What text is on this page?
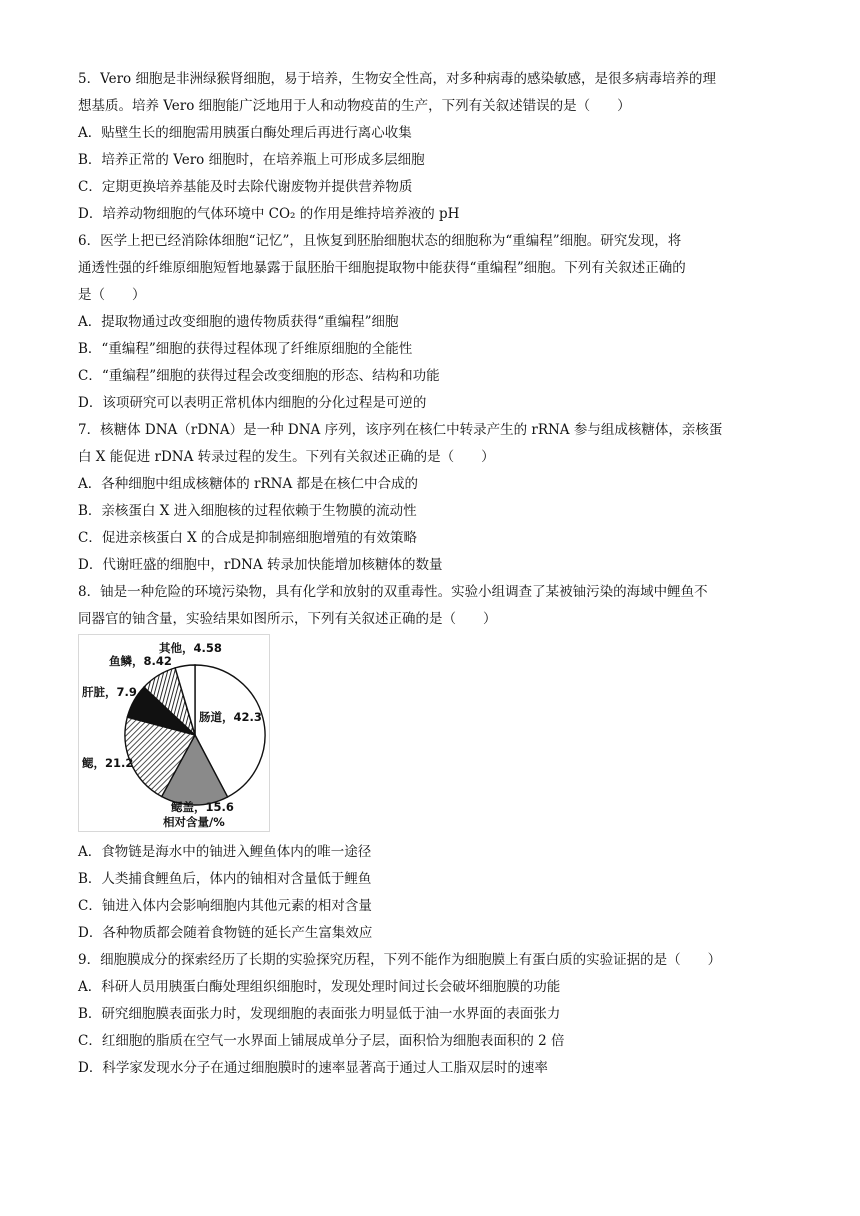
5．Vero 细胞是非洲绿猴肾细胞，易于培养，生物安全性高，对多种病毒的感染敏感，是很多病毒培养的理
想基质。培养 Vero 细胞能广泛地用于人和动物疫苗的生产，下列有关叙述错误的是（　　）
A．贴壁生长的细胞需用胰蛋白酶处理后再进行离心收集
B．培养正常的 Vero 细胞时，在培养瓶上可形成多层细胞
C．定期更换培养基能及时去除代谢废物并提供营养物质
D．培养动物细胞的气体环境中 CO₂ 的作用是维持培养液的 pH
6．医学上把已经消除体细胞“记忆”，且恢复到胚胎细胞状态的细胞称为“重编程”细胞。研究发现，将
通透性强的纤维原细胞短暂地暴露于鼠胚胎干细胞提取物中能获得“重编程”细胞。下列有关叙述正确的
是（　　）
A．提取物通过改变细胞的遗传物质获得“重编程”细胞
B．“重编程”细胞的获得过程体现了纤维原细胞的全能性
C．“重编程”细胞的获得过程会改变细胞的形态、结构和功能
D．该项研究可以表明正常机体内细胞的分化过程是可逆的
7．核糖体 DNA（rDNA）是一种 DNA 序列，该序列在核仁中转录产生的 rRNA 参与组成核糖体，亲核蛋
白 X 能促进 rDNA 转录过程的发生。下列有关叙述正确的是（　　）
A．各种细胞中组成核糖体的 rRNA 都是在核仁中合成的
B．亲核蛋白 X 进入细胞核的过程依赖于生物膜的流动性
C．促进亲核蛋白 X 的合成是抑制癌细胞增殖的有效策略
D．代谢旺盛的细胞中，rDNA 转录加快能增加核糖体的数量
8．铀是一种危险的环境污染物，具有化学和放射的双重毒性。实验小组调查了某被铀污染的海域中鲤鱼不
同器官的铀含量，实验结果如图所示，下列有关叙述正确的是（　　）
其他，4.58
鱼鳞，8.42
肝脏，7.9
肠道，42.3
鳃，21.2
鳃盖，15.6
相对含量/%
A．食物链是海水中的铀进入鲤鱼体内的唯一途径
B．人类捕食鲤鱼后，体内的铀相对含量低于鲤鱼
C．铀进入体内会影响细胞内其他元素的相对含量
D．各种物质都会随着食物链的延长产生富集效应
9．细胞膜成分的探索经历了长期的实验探究历程，下列不能作为细胞膜上有蛋白质的实验证据的是（　　）
A．科研人员用胰蛋白酶处理组织细胞时，发现处理时间过长会破坏细胞膜的功能
B．研究细胞膜表面张力时，发现细胞的表面张力明显低于油一水界面的表面张力
C．红细胞的脂质在空气一水界面上铺展成单分子层，面积恰为细胞表面积的 2 倍
D．科学家发现水分子在通过细胞膜时的速率显著高于通过人工脂双层时的速率
